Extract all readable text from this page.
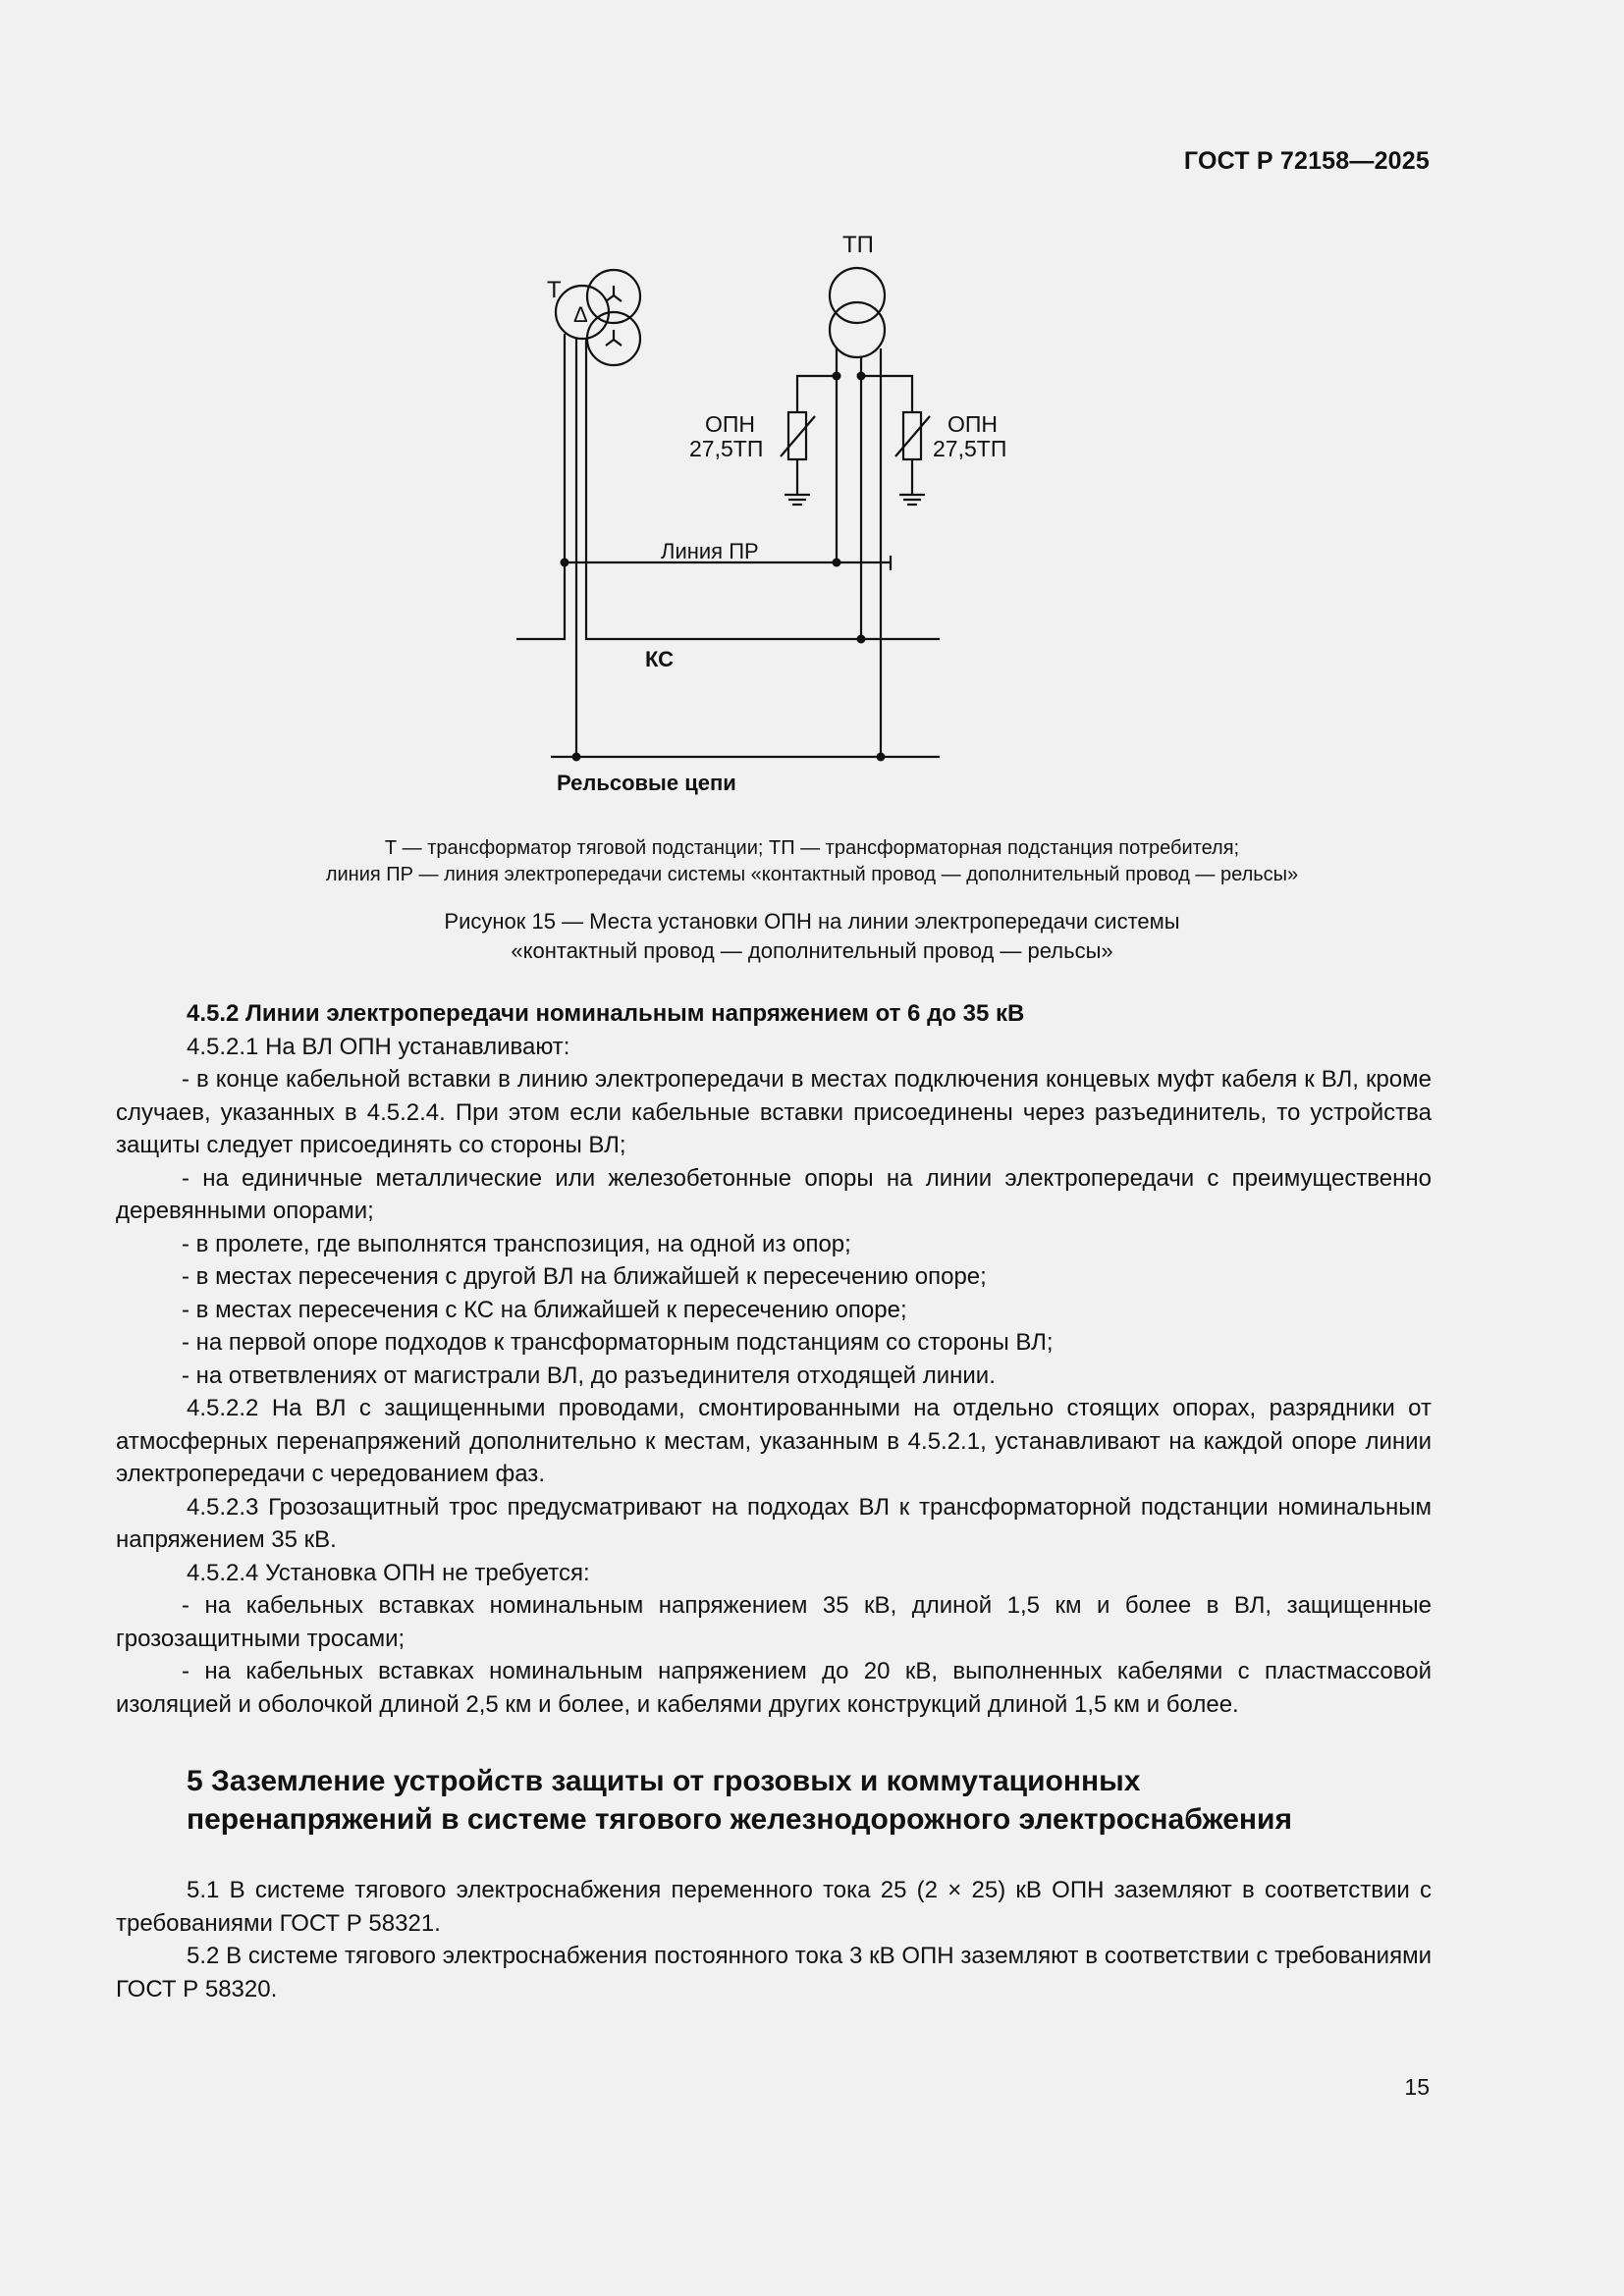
ГОСТ Р 72158—2025
Т
Δ
ТП
ОПН
27,5ТП
ОПН
27,5ТП
Линия ПР
КС
Рельсовые цепи
Т — трансформатор тяговой подстанции; ТП — трансформаторная подстанция потребителя;
линия ПР — линия электропередачи системы «контактный провод — дополнительный провод — рельсы»
Рисунок 15 — Места установки ОПН на линии электропередачи системы
«контактный провод — дополнительный провод — рельсы»

4.5.2 Линии электропередачи номинальным напряжением от 6 до 35 кВ

4.5.2.1 На ВЛ ОПН устанавливают:

- в конце кабельной вставки в линию электропередачи в местах подключения концевых муфт кабеля к ВЛ, кроме случаев, указанных в 4.5.2.4. При этом если кабельные вставки присоединены через разъединитель, то устройства защиты следует присоединять со стороны ВЛ;

- на единичные металлические или железобетонные опоры на линии электропередачи с преимущественно деревянными опорами;

- в пролете, где выполнятся транспозиция, на одной из опор;

- в местах пересечения с другой ВЛ на ближайшей к пересечению опоре;

- в местах пересечения с КС на ближайшей к пересечению опоре;

- на первой опоре подходов к трансформаторным подстанциям со стороны ВЛ;

- на ответвлениях от магистрали ВЛ, до разъединителя отходящей линии.

4.5.2.2 На ВЛ с защищенными проводами, смонтированными на отдельно стоящих опорах, разрядники от атмосферных перенапряжений дополнительно к местам, указанным в 4.5.2.1, устанавливают на каждой опоре линии электропередачи с чередованием фаз.

4.5.2.3 Грозозащитный трос предусматривают на подходах ВЛ к трансформаторной подстанции номинальным напряжением 35 кВ.

4.5.2.4 Установка ОПН не требуется:

- на кабельных вставках номинальным напряжением 35 кВ, длиной 1,5 км и более в ВЛ, защищенные грозозащитными тросами;

- на кабельных вставках номинальным напряжением до 20 кВ, выполненных кабелями с пластмассовой изоляцией и оболочкой длиной 2,5 км и более, и кабелями других конструкций длиной 1,5 км и более.

5 Заземление устройств защиты от грозовых и коммутационных
перенапряжений в системе тягового железнодорожного электроснабжения

5.1 В системе тягового электроснабжения переменного тока 25 (2 × 25) кВ ОПН заземляют в соответствии с требованиями ГОСТ Р 58321.

5.2 В системе тягового электроснабжения постоянного тока 3 кВ ОПН заземляют в соответствии с требованиями ГОСТ Р 58320.

15
